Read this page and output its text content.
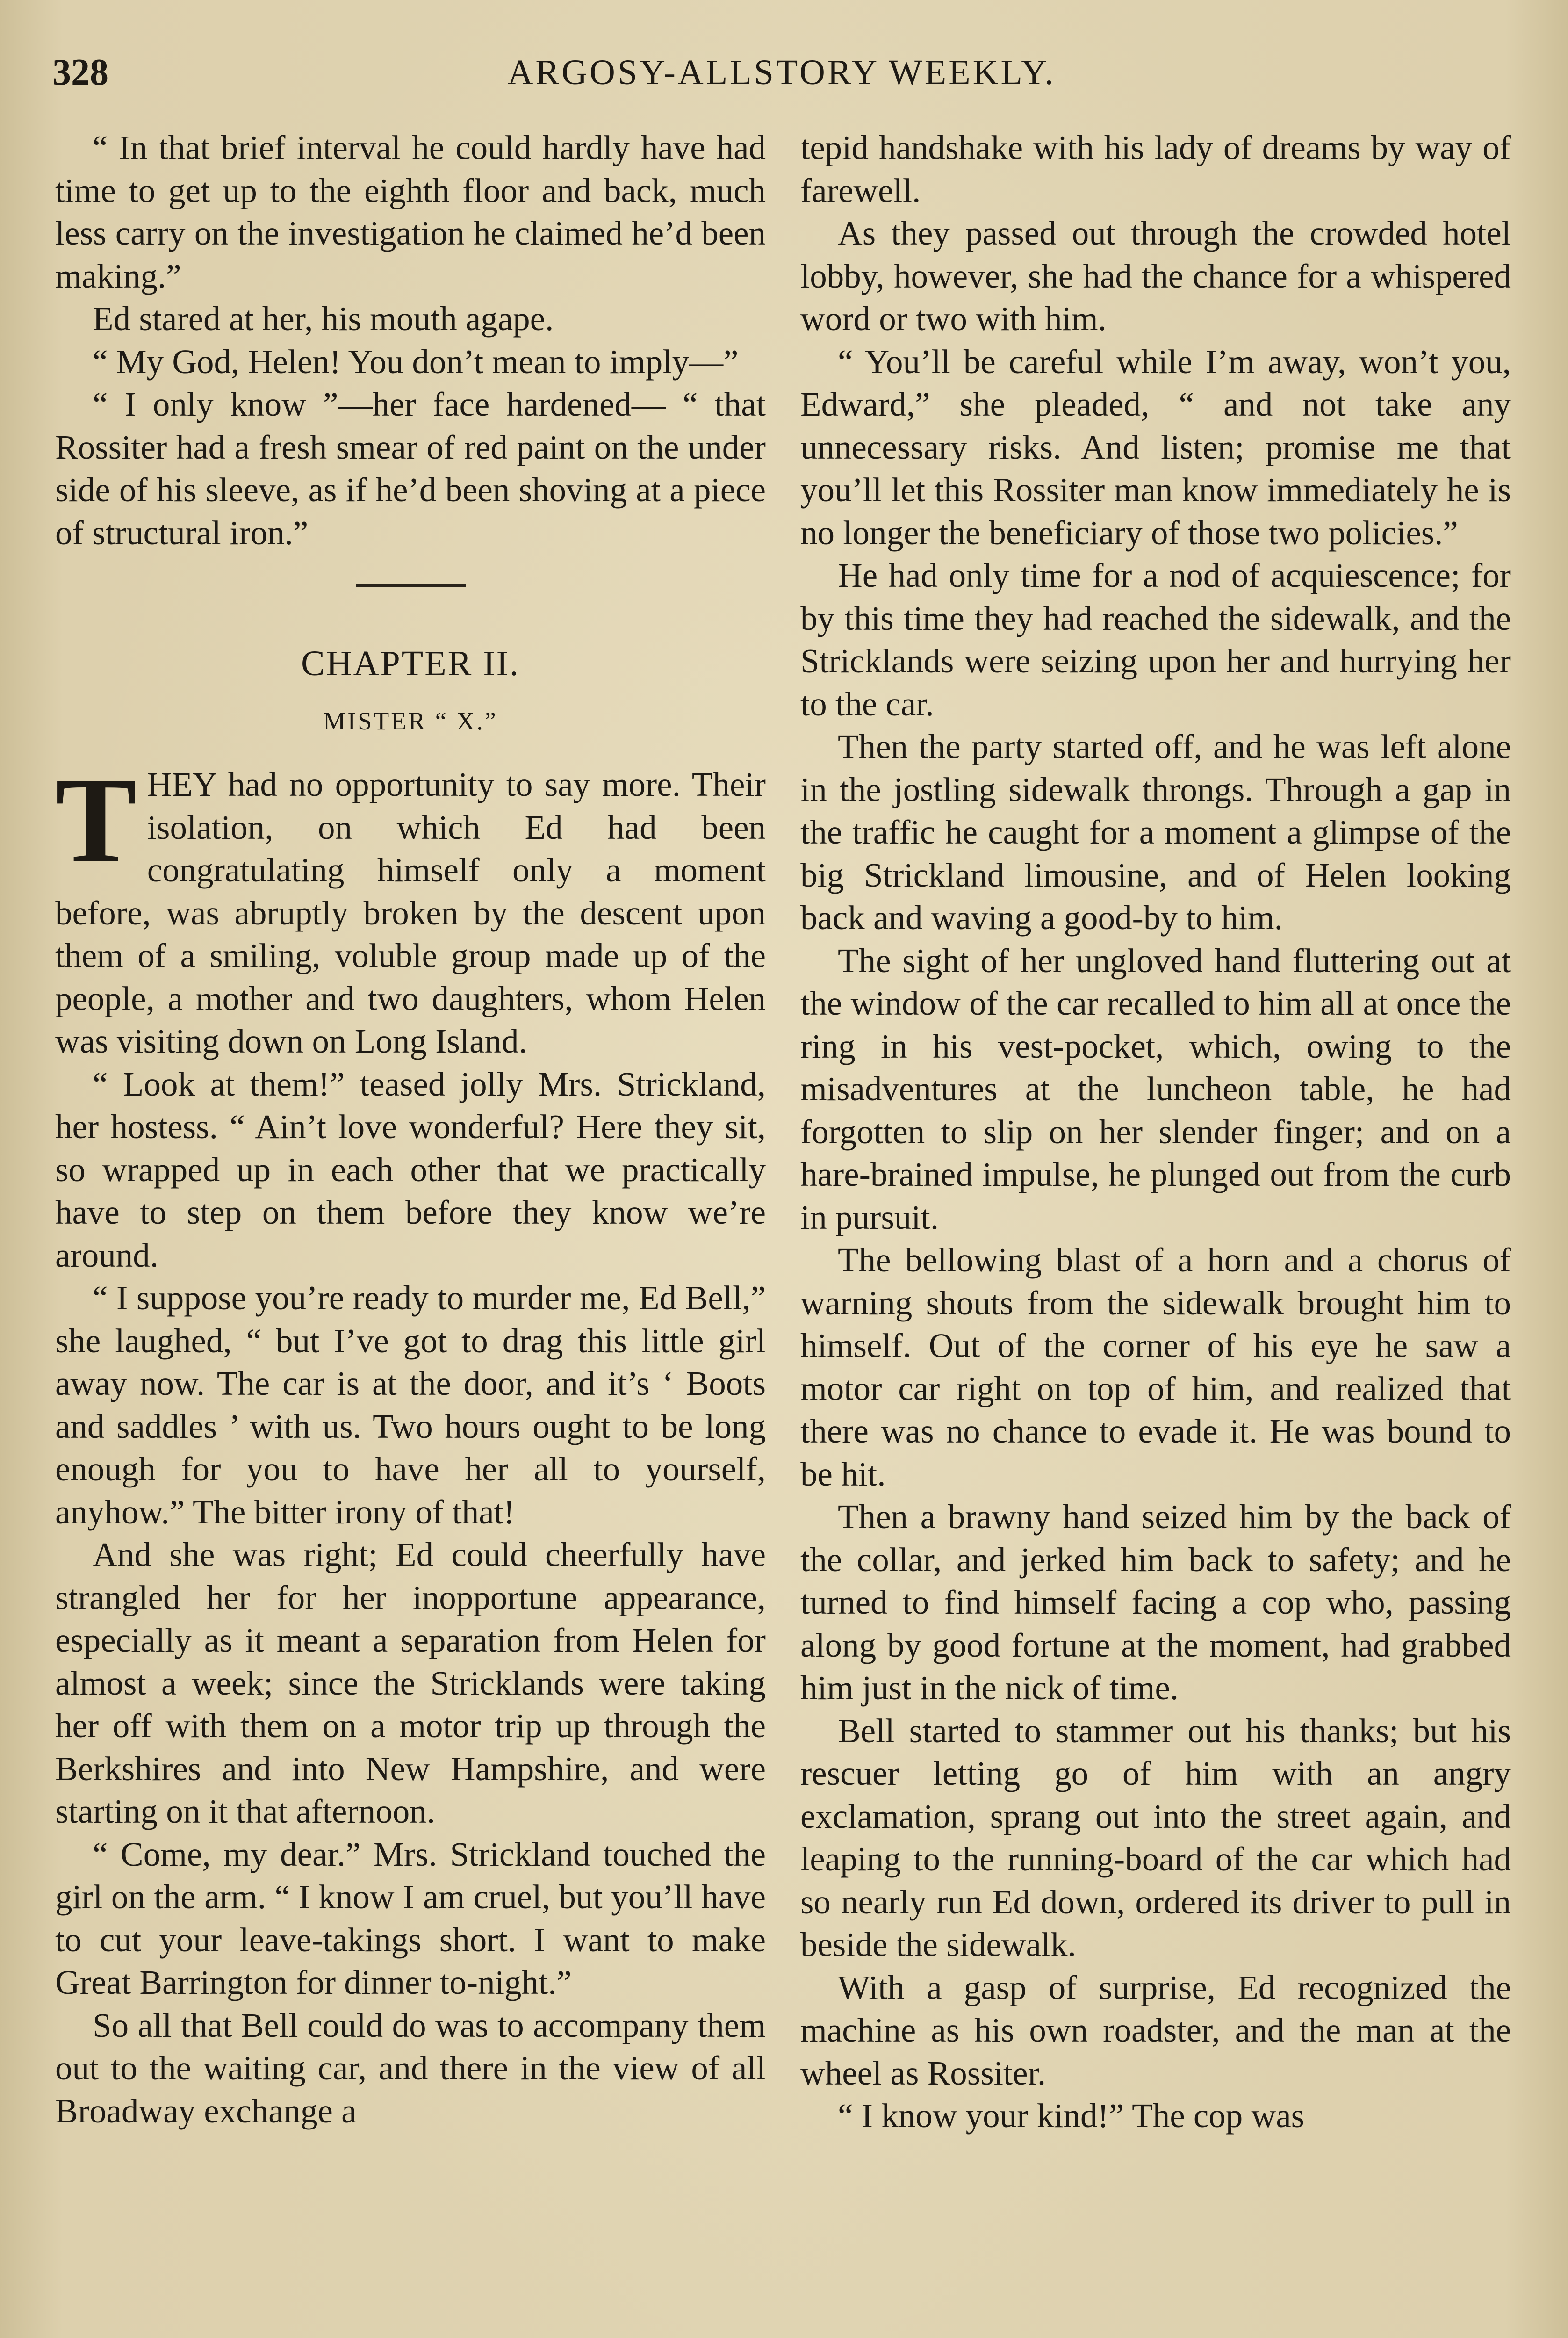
328	ARGOSY-ALLSTORY WEEKLY.

“ In that brief interval he could hardly have had time to get up to the eighth floor and back, much less carry on the investigation he claimed he’d been making.”

Ed stared at her, his mouth agape.

“ My God, Helen! You don’t mean to imply—”

“ I only know ”—her face hardened— “ that Rossiter had a fresh smear of red paint on the under side of his sleeve, as if he’d been shoving at a piece of structural iron.”

CHAPTER II.

MISTER “ X.”

THEY had no opportunity to say more. Their isolation, on which Ed had been congratulating himself only a moment before, was abruptly broken by the descent upon them of a smiling, voluble group made up of the people, a mother and two daughters, whom Helen was visiting down on Long Island.

“ Look at them!” teased jolly Mrs. Strickland, her hostess. “ Ain’t love wonderful? Here they sit, so wrapped up in each other that we practically have to step on them before they know we’re around.

“ I suppose you’re ready to murder me, Ed Bell,” she laughed, “ but I’ve got to drag this little girl away now. The car is at the door, and it’s ‘ Boots and saddles ’ with us. Two hours ought to be long enough for you to have her all to yourself, anyhow.” The bitter irony of that!

And she was right; Ed could cheerfully have strangled her for her inopportune appearance, especially as it meant a separation from Helen for almost a week; since the Stricklands were taking her off with them on a motor trip up through the Berkshires and into New Hampshire, and were starting on it that afternoon.

“ Come, my dear.” Mrs. Strickland touched the girl on the arm. “ I know I am cruel, but you’ll have to cut your leave-takings short. I want to make Great Barrington for dinner to-night.”

So all that Bell could do was to accompany them out to the waiting car, and there in the view of all Broadway exchange a

tepid handshake with his lady of dreams by way of farewell.

As they passed out through the crowded hotel lobby, however, she had the chance for a whispered word or two with him.

“ You’ll be careful while I’m away, won’t you, Edward,” she pleaded, “ and not take any unnecessary risks. And listen; promise me that you’ll let this Rossiter man know immediately he is no longer the beneficiary of those two policies.”

He had only time for a nod of acquiescence; for by this time they had reached the sidewalk, and the Stricklands were seizing upon her and hurrying her to the car.

Then the party started off, and he was left alone in the jostling sidewalk throngs. Through a gap in the traffic he caught for a moment a glimpse of the big Strickland limousine, and of Helen looking back and waving a good-by to him.

The sight of her ungloved hand fluttering out at the window of the car recalled to him all at once the ring in his vest-pocket, which, owing to the misadventures at the luncheon table, he had forgotten to slip on her slender finger; and on a hare-brained impulse, he plunged out from the curb in pursuit.

The bellowing blast of a horn and a chorus of warning shouts from the sidewalk brought him to himself. Out of the corner of his eye he saw a motor car right on top of him, and realized that there was no chance to evade it. He was bound to be hit.

Then a brawny hand seized him by the back of the collar, and jerked him back to safety; and he turned to find himself facing a cop who, passing along by good fortune at the moment, had grabbed him just in the nick of time.

Bell started to stammer out his thanks; but his rescuer letting go of him with an angry exclamation, sprang out into the street again, and leaping to the running-board of the car which had so nearly run Ed down, ordered its driver to pull in beside the sidewalk.

With a gasp of surprise, Ed recognized the machine as his own roadster, and the man at the wheel as Rossiter.

“ I know your kind!” The cop was
